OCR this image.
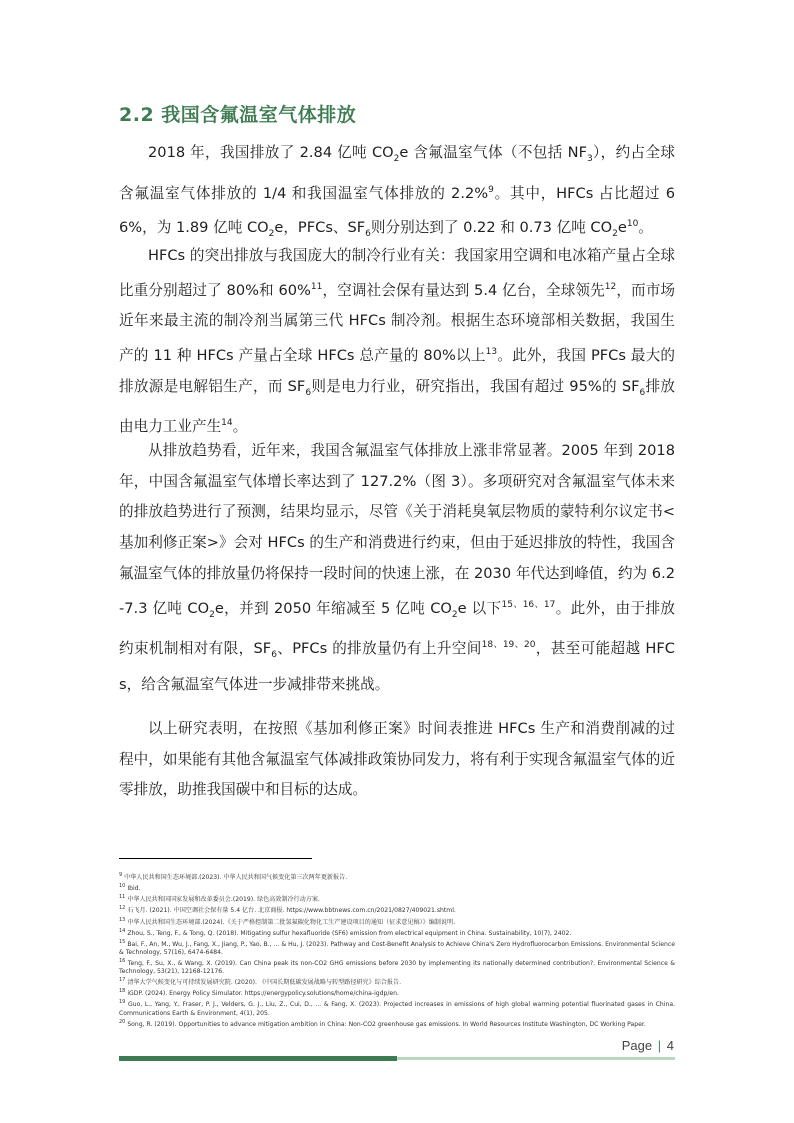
2.2 我国含氟温室气体排放

2018 年，我国排放了 2.84 亿吨 $CO_2e$ 含氟温室气体（不包括 $NF_3$），约占全球含氟温室气体排放的 1/4 和我国温室气体排放的 2.2%$^9$。其中，HFCs 占比超过 66%，为 1.89 亿吨 $CO_2e$，PFCs、$SF_6$则分别达到了 0.22 和 0.73 亿吨 $CO_2e^{10}$。

HFCs 的突出排放与我国庞大的制冷行业有关：我国家用空调和电冰箱产量占全球比重分别超过了 80%和 60%$^{11}$，空调社会保有量达到 5.4 亿台，全球领先$^{12}$，而市场近年来最主流的制冷剂当属第三代 HFCs 制冷剂。根据生态环境部相关数据，我国生产的 11 种 HFCs 产量占全球 HFCs 总产量的 80%以上$^{13}$。此外，我国 PFCs 最大的排放源是电解铝生产，而 $SF_6$则是电力行业，研究指出，我国有超过 95%的 $SF_6$排放由电力工业产生$^{14}$。

从排放趋势看，近年来，我国含氟温室气体排放上涨非常显著。2005 年到 2018 年，中国含氟温室气体增长率达到了 127.2%（图 3）。多项研究对含氟温室气体未来的排放趋势进行了预测，结果均显示，尽管《关于消耗臭氧层物质的蒙特利尔议定书<基加利修正案>》会对 HFCs 的生产和消费进行约束，但由于延迟排放的特性，我国含氟温室气体的排放量仍将保持一段时间的快速上涨，在 2030 年代达到峰值，约为 6.2-7.3 亿吨 $CO_2e$，并到 2050 年缩减至 5 亿吨 $CO_2e$ 以下$^{15、16、17}$。此外，由于排放约束机制相对有限，$SF_6$、PFCs 的排放量仍有上升空间$^{18、19、20}$，甚至可能超越 HFCs，给含氟温室气体进一步减排带来挑战。

以上研究表明，在按照《基加利修正案》时间表推进 HFCs 生产和消费削减的过程中，如果能有其他含氟温室气体减排政策协同发力，将有利于实现含氟温室气体的近零排放，助推我国碳中和目标的达成。

$^9$ 中华人民共和国生态环境部.(2023). 中华人民共和国气候变化第三次两年更新报告.

$^{10}$ Ibid.

$^{11}$ 中华人民共和国国家发展和改革委员会.(2019). 绿色高效制冷行动方案.

$^{12}$ 石飞月. (2021). 中国空调社会保有量 5.4 亿台. 北京商报. https://www.bbtnews.com.cn/2021/0827/409021.shtml.

$^{13}$ 中华人民共和国生态环境部.(2024).《关于严格控制第二批氢氟碳化物化工生产建设项目的通知（征求意见稿）》编制说明.

$^{14}$ Zhou, S., Teng, F., & Tong, Q. (2018). Mitigating sulfur hexafluoride (SF6) emission from electrical equipment in China. Sustainability, 10(7), 2402.

$^{15}$ Bai, F., An, M., Wu, J., Fang, X., Jiang, P., Yao, B., ... & Hu, J. (2023). Pathway and Cost-Benefit Analysis to Achieve China's Zero Hydrofluorocarbon Emissions. Environmental Science & Technology, 57(16), 6474-6484.

$^{16}$ Teng, F., Su, X., & Wang, X. (2019). Can China peak its non-CO2 GHG emissions before 2030 by implementing its nationally determined contribution?. Environmental Science & Technology, 53(21), 12168-12176.

$^{17}$ 清华大学气候变化与可持续发展研究院. (2020). 《中国长期低碳发展战略与转型路径研究》综合报告.

$^{18}$ iGDP. (2024). Energy Policy Simulator. https://energypolicy.solutions/home/china-igdp/en.

$^{19}$ Guo, L., Yang, Y., Fraser, P. J., Velders, G. J., Liu, Z., Cui, D., ... & Fang, X. (2023). Projected increases in emissions of high global warming potential fluorinated gases in China. Communications Earth & Environment, 4(1), 205.

$^{20}$ Song, R. (2019). Opportunities to advance mitigation ambition in China: Non-CO2 greenhouse gas emissions. In World Resources Institute Washington, DC Working Paper.

Page | 4
